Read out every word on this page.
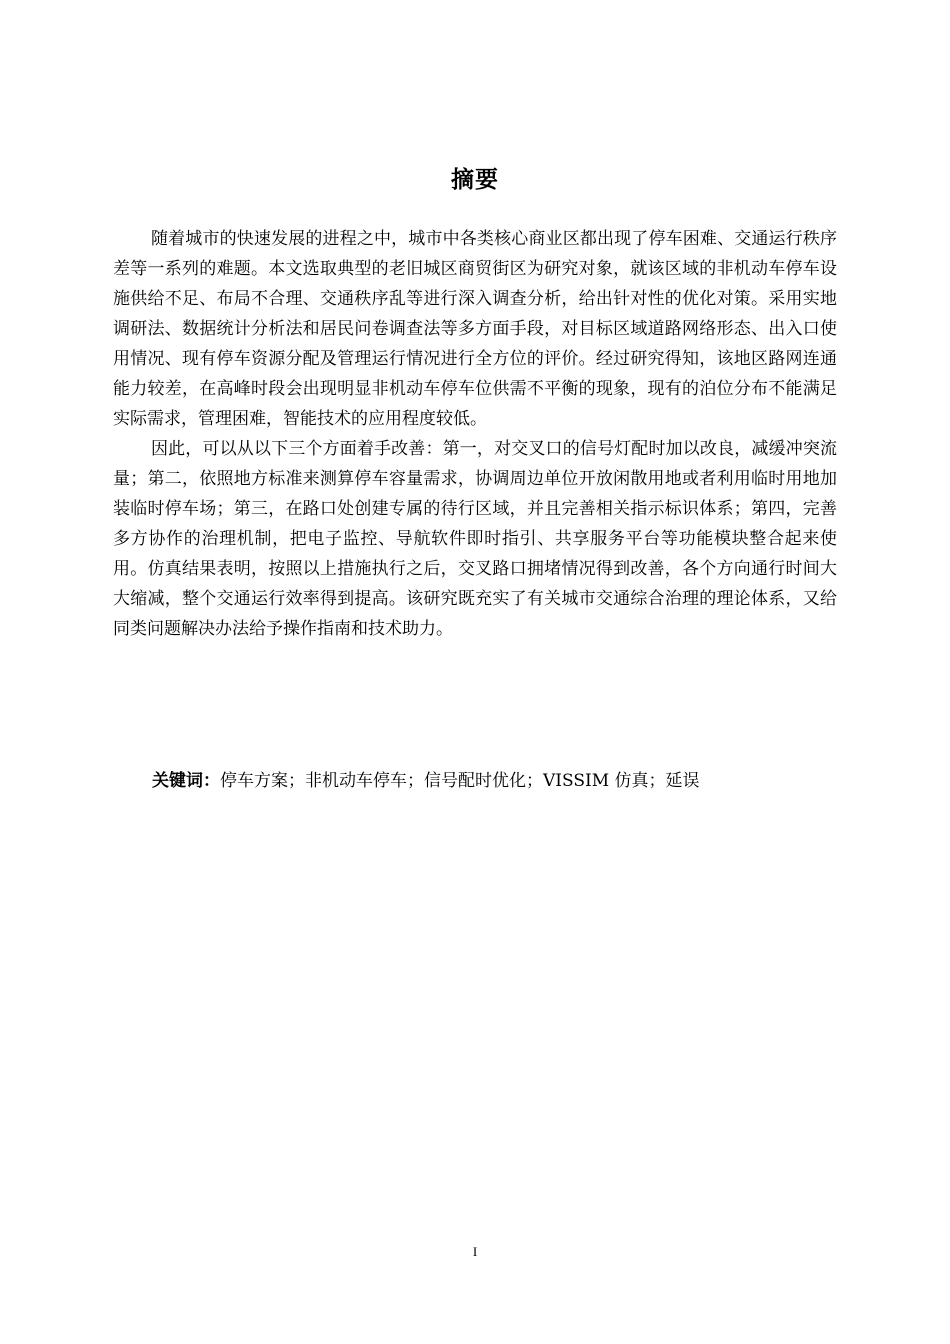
摘要

随着城市的快速发展的进程之中，城市中各类核心商业区都出现了停车困难、交通运行秩序差等一系列的难题。本文选取典型的老旧城区商贸街区为研究对象，就该区域的非机动车停车设施供给不足、布局不合理、交通秩序乱等进行深入调查分析，给出针对性的优化对策。采用实地调研法、数据统计分析法和居民问卷调查法等多方面手段，对目标区域道路网络形态、出入口使用情况、现有停车资源分配及管理运行情况进行全方位的评价。经过研究得知，该地区路网连通能力较差，在高峰时段会出现明显非机动车停车位供需不平衡的现象，现有的泊位分布不能满足实际需求，管理困难，智能技术的应用程度较低。

因此，可以从以下三个方面着手改善：第一，对交叉口的信号灯配时加以改良，减缓冲突流量；第二，依照地方标准来测算停车容量需求，协调周边单位开放闲散用地或者利用临时用地加装临时停车场；第三，在路口处创建专属的待行区域，并且完善相关指示标识体系；第四，完善多方协作的治理机制，把电子监控、导航软件即时指引、共享服务平台等功能模块整合起来使用。仿真结果表明，按照以上措施执行之后，交叉路口拥堵情况得到改善，各个方向通行时间大大缩减，整个交通运行效率得到提高。该研究既充实了有关城市交通综合治理的理论体系，又给同类问题解决办法给予操作指南和技术助力。

关键词：停车方案；非机动车停车；信号配时优化；VISSIM 仿真；延误
I
